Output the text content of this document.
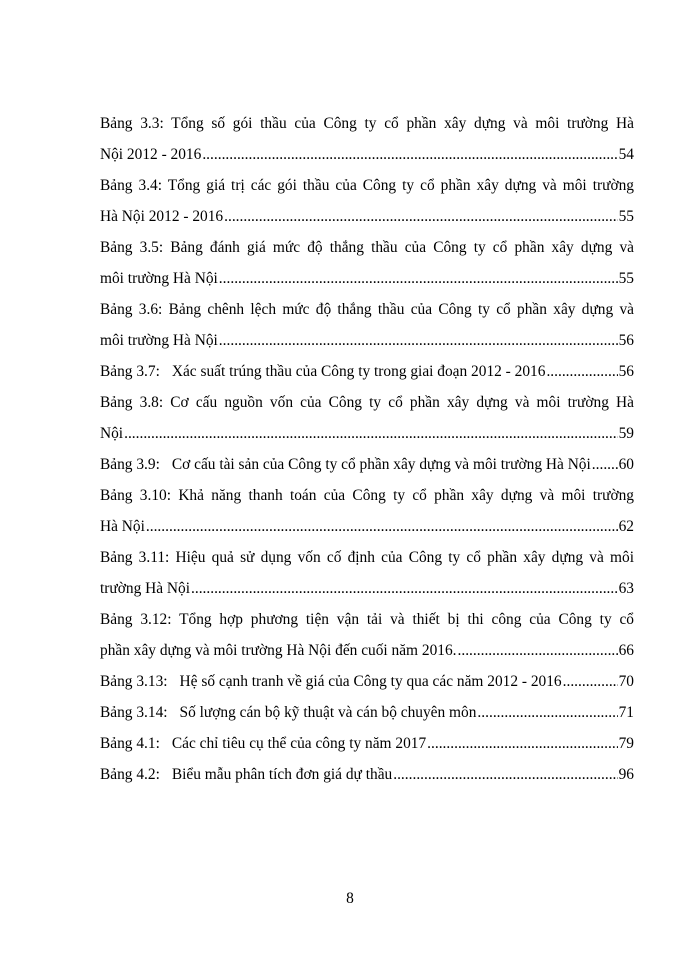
Bảng 3.3: Tổng số gói thầu của Công ty cổ phần xây dựng và môi trường Hà
Nội 2012 - 2016 .....	54
Bảng 3.4: Tổng giá trị các gói thầu của Công ty cổ phần xây dựng và môi trường
Hà Nội 2012 - 2016 .....	55
Bảng 3.5: Bảng đánh giá mức độ thắng thầu của Công ty cổ phần xây dựng và
môi trường Hà Nội .....	55
Bảng 3.6: Bảng chênh lệch mức độ thắng thầu của Công ty cổ phần xây dựng và
môi trường Hà Nội .....	56
Bảng 3.7: Xác suất trúng thầu của Công ty trong giai đoạn 2012 - 2016 .....	56
Bảng 3.8: Cơ cấu nguồn vốn của Công ty cổ phần xây dựng và môi trường Hà
Nội .....	59
Bảng 3.9: Cơ cấu tài sản của Công ty cổ phần xây dựng và môi trường Hà Nội ..... 60
Bảng 3.10: Khả năng thanh toán của Công ty cổ phần xây dựng và môi trường
Hà Nội .....	62
Bảng 3.11: Hiệu quả sử dụng vốn cố định của Công ty cổ phần xây dựng và môi
trường Hà Nội .....	63
Bảng 3.12: Tổng hợp phương tiện vận tải và thiết bị thi công của Công ty cổ
phần xây dựng và môi trường Hà Nội đến cuối năm 2016. .....	66
Bảng 3.13: Hệ số cạnh tranh về giá của Công ty qua các năm 2012 - 2016 .....	70
Bảng 3.14: Số lượng cán bộ kỹ thuật và cán bộ chuyên môn .....	71
Bảng 4.1: Các chỉ tiêu cụ thể của công ty năm 2017 .....	79
Bảng 4.2: Biểu mẫu phân tích đơn giá dự thầu .....	96
8
